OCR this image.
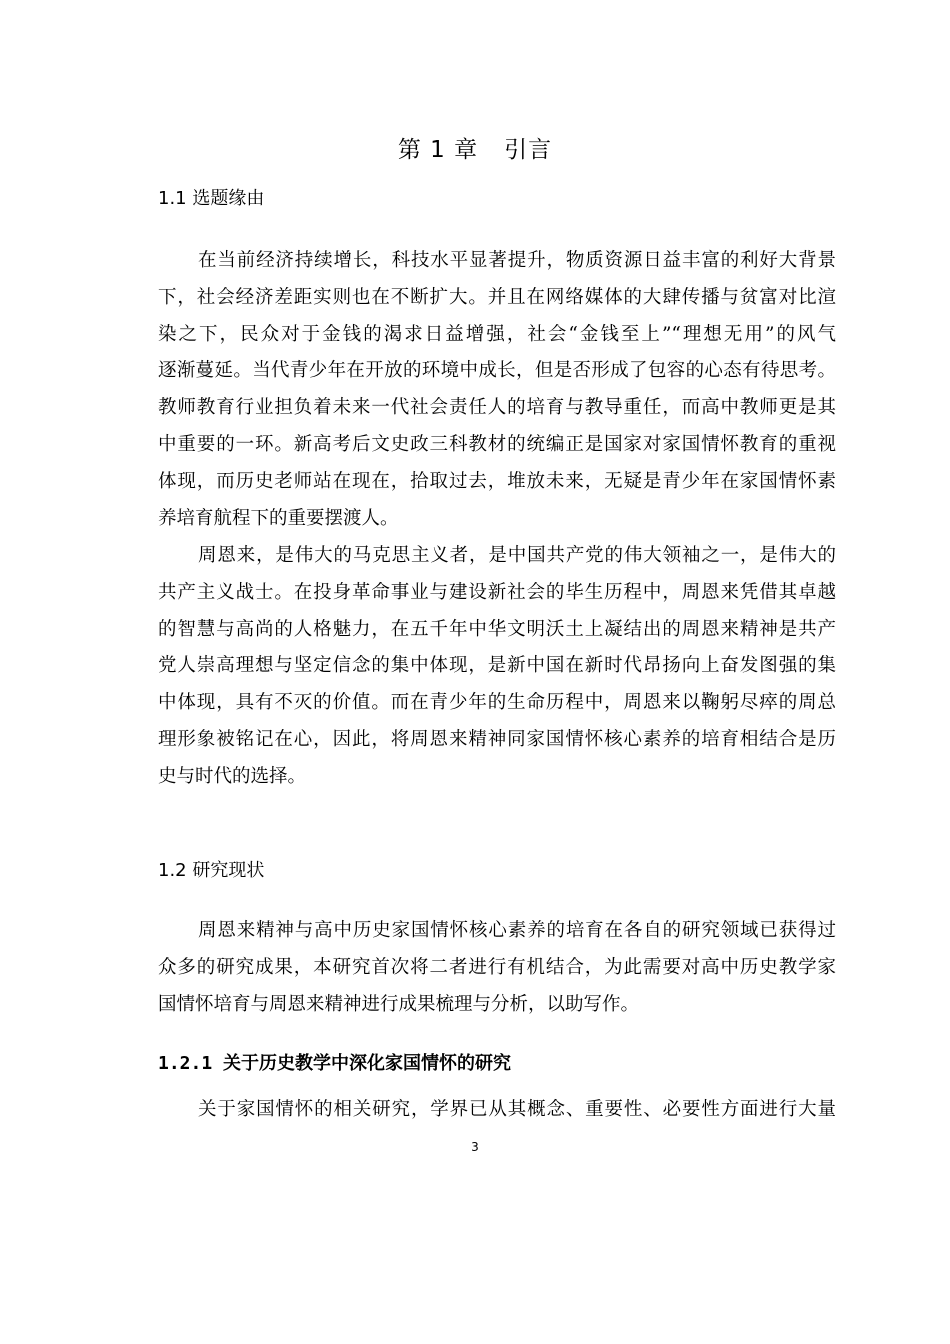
第 1 章 引言
1.1 选题缘由
在当前经济持续增长，科技水平显著提升，物质资源日益丰富的利好大背景
下，社会经济差距实则也在不断扩大。并且在网络媒体的大肆传播与贫富对比渲
染之下，民众对于金钱的渴求日益增强，社会“金钱至上”“理想无用”的风气
逐渐蔓延。当代青少年在开放的环境中成长，但是否形成了包容的心态有待思考。
教师教育行业担负着未来一代社会责任人的培育与教导重任，而高中教师更是其
中重要的一环。新高考后文史政三科教材的统编正是国家对家国情怀教育的重视
体现，而历史老师站在现在，拾取过去，堆放未来，无疑是青少年在家国情怀素
养培育航程下的重要摆渡人。
周恩来，是伟大的马克思主义者，是中国共产党的伟大领袖之一，是伟大的
共产主义战士。在投身革命事业与建设新社会的毕生历程中，周恩来凭借其卓越
的智慧与高尚的人格魅力，在五千年中华文明沃土上凝结出的周恩来精神是共产
党人崇高理想与坚定信念的集中体现，是新中国在新时代昂扬向上奋发图强的集
中体现，具有不灭的价值。而在青少年的生命历程中，周恩来以鞠躬尽瘁的周总
理形象被铭记在心，因此，将周恩来精神同家国情怀核心素养的培育相结合是历
史与时代的选择。
1.2 研究现状
周恩来精神与高中历史家国情怀核心素养的培育在各自的研究领域已获得过
众多的研究成果，本研究首次将二者进行有机结合，为此需要对高中历史教学家
国情怀培育与周恩来精神进行成果梳理与分析，以助写作。
1.2.1 关于历史教学中深化家国情怀的研究
关于家国情怀的相关研究，学界已从其概念、重要性、必要性方面进行大量
3
